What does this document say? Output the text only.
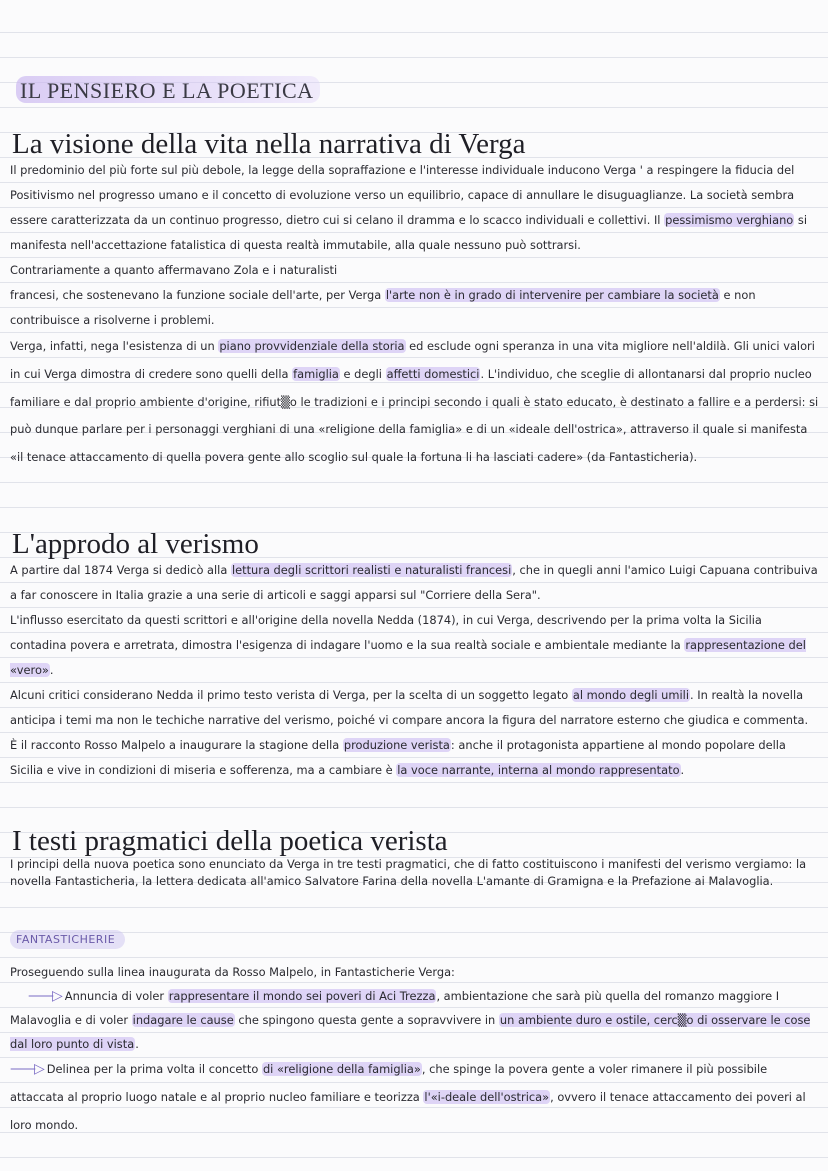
IL PENSIERO E LA POETICA
La visione della vita nella narrativa di Verga

Il predominio del più forte sul più debole, la legge della sopraffazione e l'interesse individuale inducono Verga ' a respingere la fiducia del Positivismo nel progresso umano e il concetto di evoluzione verso un equilibrio, capace di annullare le disuguaglianze. La società sembra essere caratterizzata da un continuo progresso, dietro cui si celano il dramma e lo scacco individuali e collettivi. Il pessimismo verghiano si manifesta nell'accettazione fatalistica di questa realtà immutabile, alla quale nessuno può sottrarsi.

Contrariamente a quanto affermavano Zola e i naturalisti

francesi, che sostenevano la funzione sociale dell'arte, per Verga l'arte non è in grado di intervenire per cambiare la società e non contribuisce a risolverne i problemi.

Verga, infatti, nega l'esistenza di un piano provvidenziale della storia ed esclude ogni speranza in una vita migliore nell'aldilà. Gli unici valori in cui Verga dimostra di credere sono quelli della famiglia e degli affetti domestici. L'individuo, che sceglie di allontanarsi dal proprio nucleo familiare e dal proprio ambiente d'origine, rifiut▒o le tradizioni e i principi secondo i quali è stato educato, è destinato a fallire e a perdersi: si può dunque parlare per i personaggi verghiani di una «religione della famiglia» e di un «ideale dell'ostrica», attraverso il quale si manifesta «il tenace attaccamento di quella povera gente allo scoglio sul quale la fortuna li ha lasciati cadere» (da Fantasticheria).

L'approdo al verismo

A partire dal 1874 Verga si dedicò alla lettura degli scrittori realisti e naturalisti francesi, che in quegli anni l'amico Luigi Capuana contribuiva a far conoscere in Italia grazie a una serie di articoli e saggi apparsi sul "Corriere della Sera".

L'influsso esercitato da questi scrittori e all'origine della novella Nedda (1874), in cui Verga, descrivendo per la prima volta la Sicilia contadina povera e arretrata, dimostra l'esigenza di indagare l'uomo e la sua realtà sociale e ambientale mediante la rappresentazione del «vero».

Alcuni critici considerano Nedda il primo testo verista di Verga, per la scelta di un soggetto legato al mondo degli umili. In realtà la novella anticipa i temi ma non le techiche narrative del verismo, poiché vi compare ancora la figura del narratore esterno che giudica e commenta.

È il racconto Rosso Malpelo a inaugurare la stagione della produzione verista: anche il protagonista appartiene al mondo popolare della Sicilia e vive in condizioni di miseria e sofferenza, ma a cambiare è la voce narrante, interna al mondo rappresentato.

I testi pragmatici della poetica verista

I principi della nuova poetica sono enunciato da Verga in tre testi pragmatici, che di fatto costituiscono i manifesti del verismo vergiamo: la novella Fantasticheria, la lettera dedicata all'amico Salvatore Farina della novella L'amante di Gramigna e la Prefazione ai Malavoglia.

FANTASTICHERIE

Proseguendo sulla linea inaugurata da Rosso Malpelo, in Fantasticherie Verga:

——▷ Annuncia di voler rappresentare il mondo sei poveri di Aci Trezza, ambientazione che sarà più quella del romanzo maggiore I Malavoglia e di voler indagare le cause che spingono questa gente a sopravvivere in un ambiente duro e ostile, cerc▒o di osservare le cose dal loro punto di vista.

——▷ Delinea per la prima volta il concetto di «religione della famiglia», che spinge la povera gente a voler rimanere il più possibile attaccata al proprio luogo natale e al proprio nucleo familiare e teorizza l'«i-deale dell'ostrica», ovvero il tenace attaccamento dei poveri al loro mondo.
